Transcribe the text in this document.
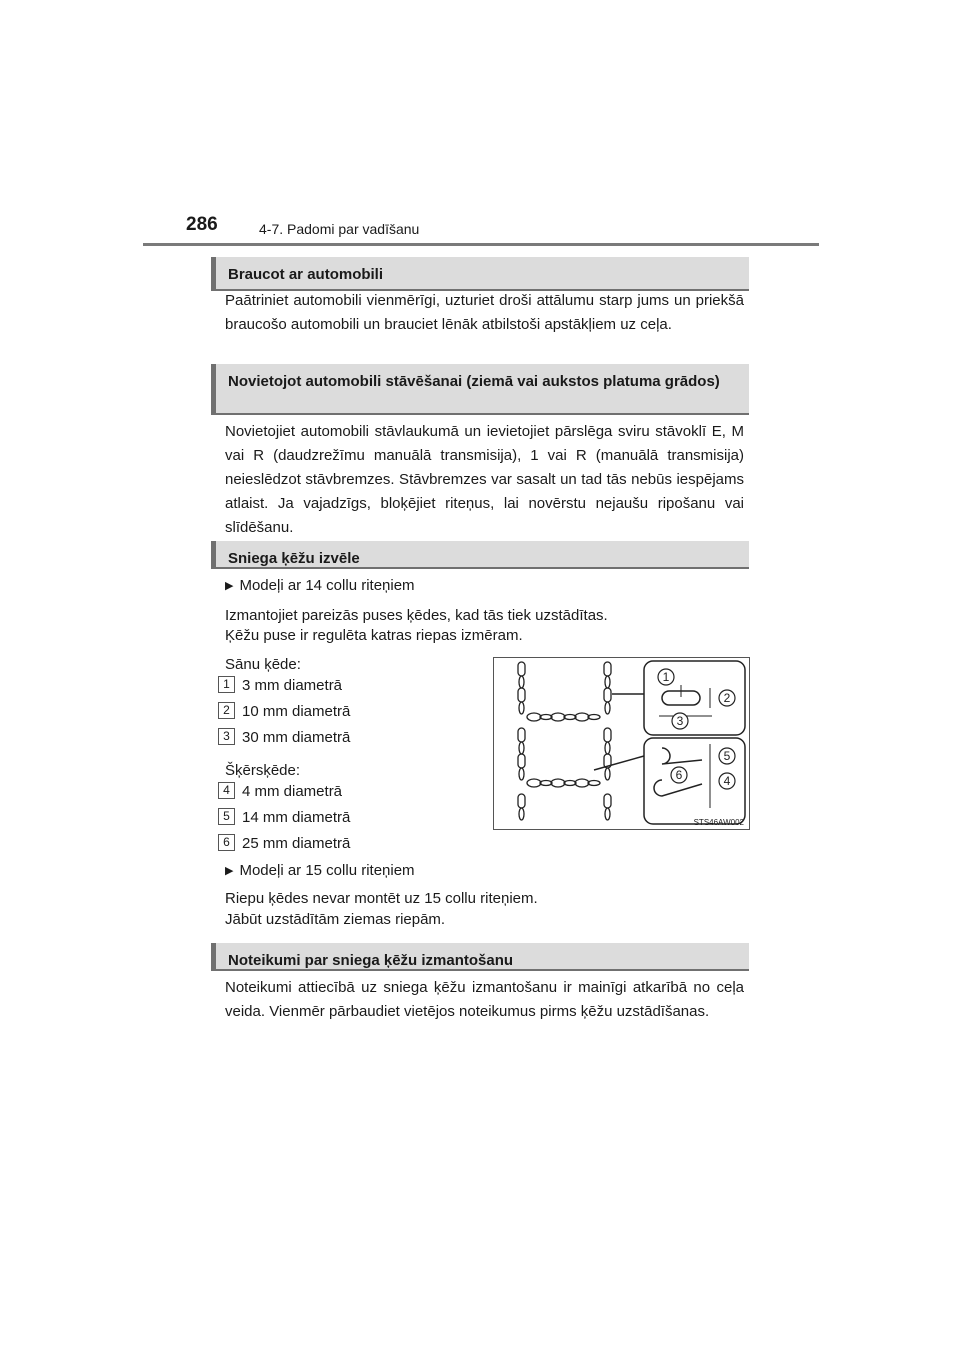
286	4-7. Padomi par vadīšanu
Braucot ar automobili

Paātriniet automobili vienmērīgi, uzturiet droši attālumu starp jums un priekšā braucošo automobili un brauciet lēnāk atbilstoši apstākļiem uz ceļa.

Novietojot automobili stāvēšanai (ziemā vai aukstos platuma grādos)

Novietojiet automobili stāvlaukumā un ievietojiet pārslēga sviru stāvoklī E, M vai R (daudzrežīmu manuālā transmisija), 1 vai R (manuālā transmisija) neieslēdzot stāvbremzes. Stāvbremzes var sasalt un tad tās nebūs iespējams atlaist. Ja vajadzīgs, bloķējiet riteņus, lai novērstu nejaušu ripošanu vai slīdēšanu.

Sniega ķēžu izvēle
▶ Modeļi ar 14 collu riteņiem
Izmantojiet pareizās puses ķēdes, kad tās tiek uzstādītas.
Ķēžu puse ir regulēta katras riepas izmēram.
Sānu ķēde:
1 3 mm diametrā
2 10 mm diametrā
3 30 mm diametrā
Šķērsķēde:
4 4 mm diametrā
5 14 mm diametrā
6 25 mm diametrā
▶ Modeļi ar 15 collu riteņiem
Riepu ķēdes nevar montēt uz 15 collu riteņiem.
Jābūt uzstādītām ziemas riepām.
1
2
3
5
6	4
STS46AW002
Noteikumi par sniega ķēžu izmantošanu

Noteikumi attiecībā uz sniega ķēžu izmantošanu ir mainīgi atkarībā no ceļa veida. Vienmēr pārbaudiet vietējos noteikumus pirms ķēžu uzstādīšanas.
